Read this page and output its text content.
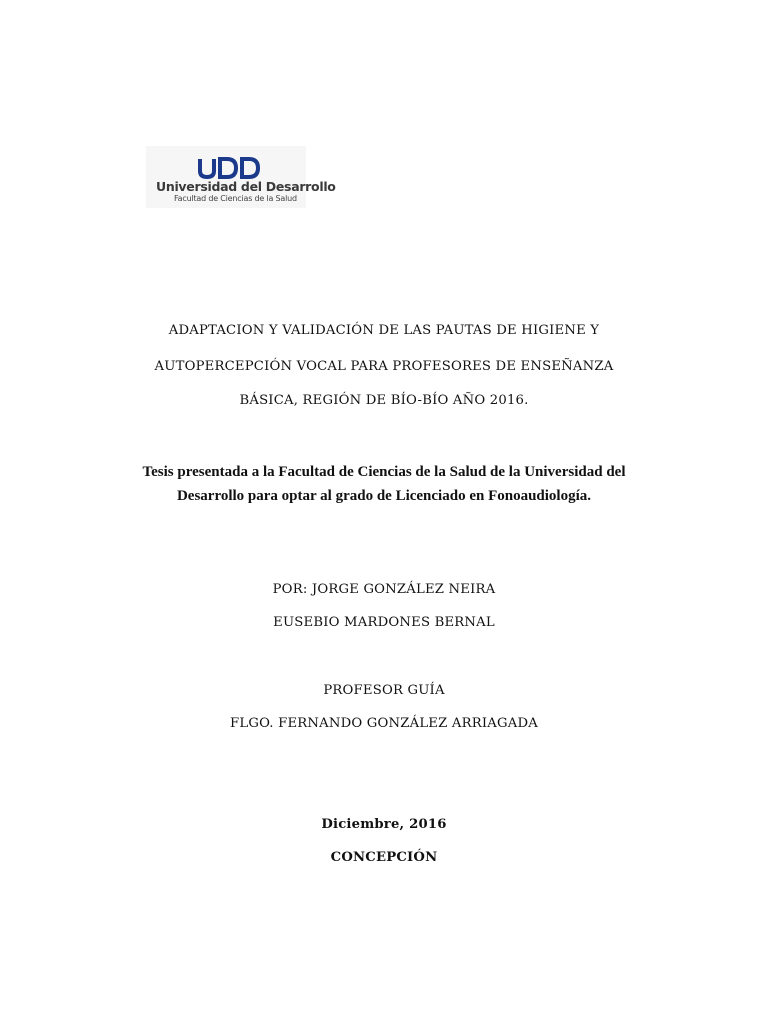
Universidad del Desarrollo
Facultad de Ciencias de la Salud
ADAPTACION Y VALIDACIÓN DE LAS PAUTAS DE HIGIENE Y
AUTOPERCEPCIÓN VOCAL PARA PROFESORES DE ENSEÑANZA
BÁSICA, REGIÓN DE BÍO-BÍO AÑO 2016.
Tesis presentada a la Facultad de Ciencias de la Salud de la Universidad del
Desarrollo para optar al grado de Licenciado en Fonoaudiología.
POR: JORGE GONZÁLEZ NEIRA
EUSEBIO MARDONES BERNAL
PROFESOR GUÍA
FLGO. FERNANDO GONZÁLEZ ARRIAGADA
Diciembre, 2016
CONCEPCIÓN
